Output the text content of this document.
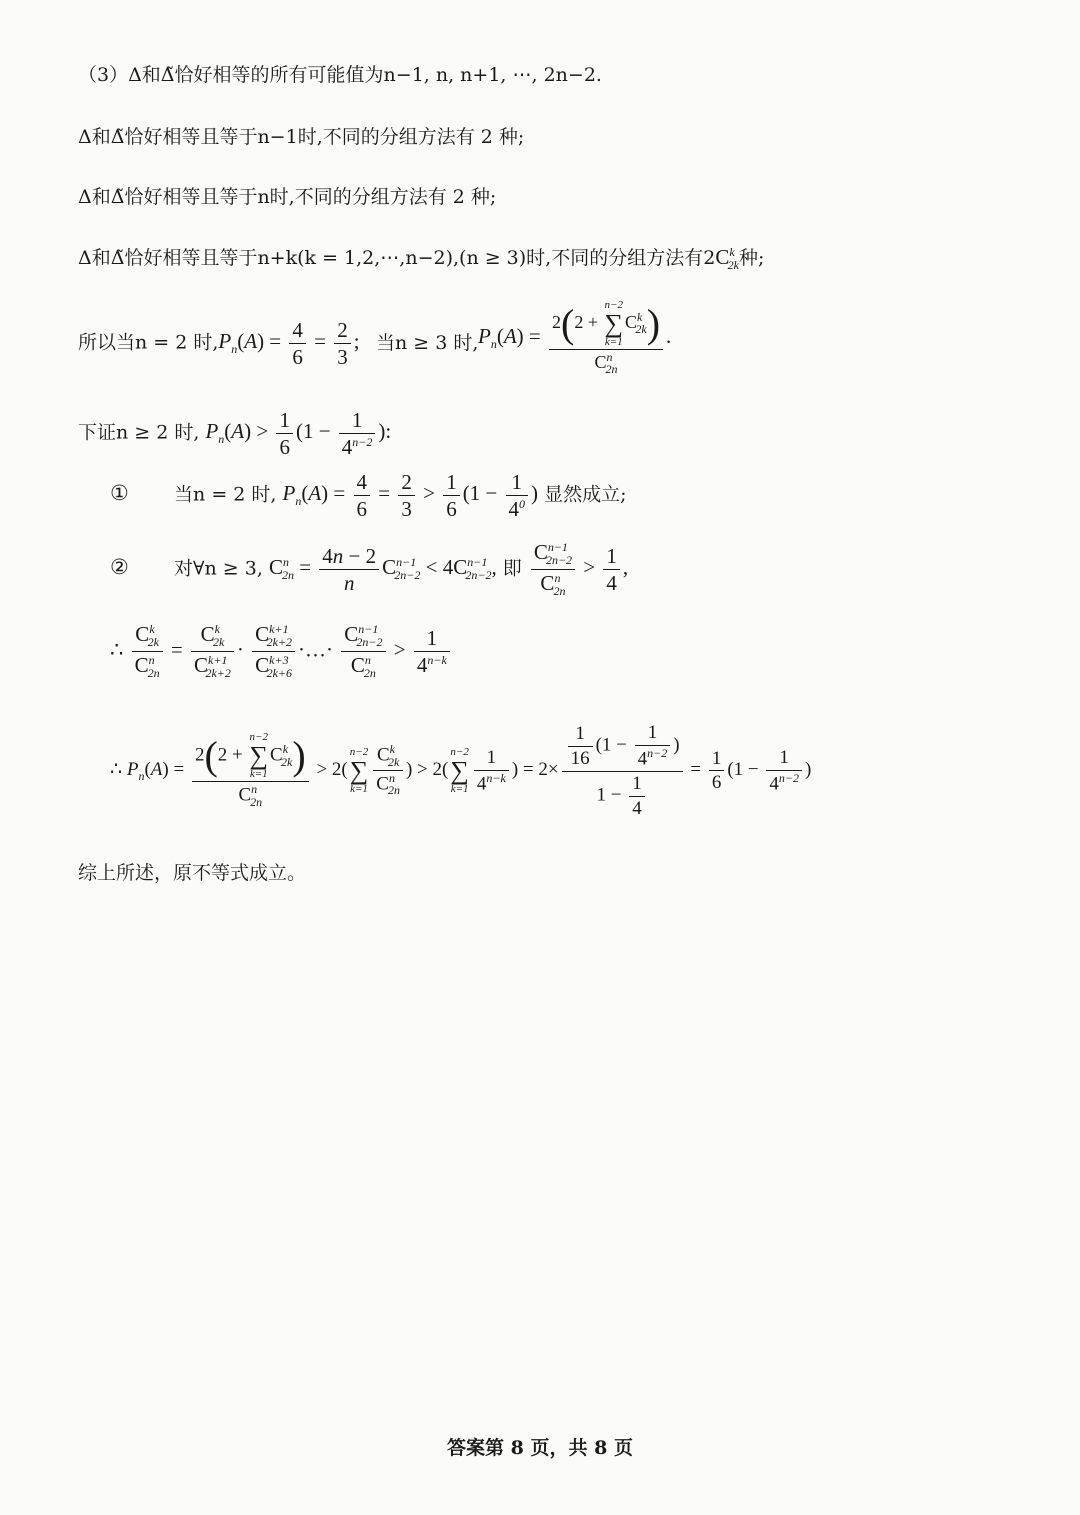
（3）Δ和Δ̃恰好相等的所有可能值为n−1, n, n+1, ⋯, 2n−2.
Δ和Δ̃恰好相等且等于n−1时,不同的分组方法有 2 种;
Δ和Δ̃恰好相等且等于n时,不同的分组方法有 2 种;
Δ和Δ̃恰好相等且等于n+k(k = 1,2,⋯,n−2),(n ≥ 3)时,不同的分组方法有$2C^k_{2k}$种;
所以当n = 2 时$,P_n(A) = \frac{4}{6} = \frac{2}{3}$ ; 当n ≥ 3 时, $P_n(A) = 2(2$ +
n−2
∑
k=1
$C^k_{2k}$)
$C^n_{2n}$ .
下证n ≥ 2 时, $P_n(A) > \frac{1}{6} (1 - \frac{1}{4^{n-2}}$ ):
① 当n = 2 时, $P_n(A) = \frac{4}{6} = \frac{2}{3} > \frac{1}{6} (1 - \frac{1}{4^0}$ ) 显然成立;
② 对∀n ≥ 3, $C^n_{2n} = \frac{4n - 2}{n} C^{n-1}_{2n-2} < 4C^{n-1}_{2n-2}$, 即 $\frac{C^{n-1}_{2n-2}}{C^n_{2n}} > \frac{1}{4}$ ,
∴ $\frac{C^k_{2k}}{C^n_{2n}} = \frac{C^k_{2k}}{C^{k+1}_{2k+2}} \cdot \frac{C^{k+1}_{2k+2}}{C^{k+3}_{2k+6}}$ ·…· $\frac{C^{n-1}_{2n-2}}{C^n_{2n}} > \frac{1}{4^{n-k}}$
∴ $P_n(A) = 2(2$ +
n−2
∑
k=1
$C^k_{2k}$)
$C^n_{2n} > 2$(
n−2
∑
$k=1 \frac{C^k_{2k}}{C^n_{2n}}$ ) > 2(
n−2
∑
$k=1 \frac{1}{4^{n-k}}$ ) = $2\times \frac{\frac{1}{16} (1 - \frac{1}{4^{n-2}} )}{1 - \frac{1}{4}} = \frac{1}{6} (1 - \frac{1}{4^{n-2}}$ )
综上所述，原不等式成立。
答案第 8 页，共 8 页
